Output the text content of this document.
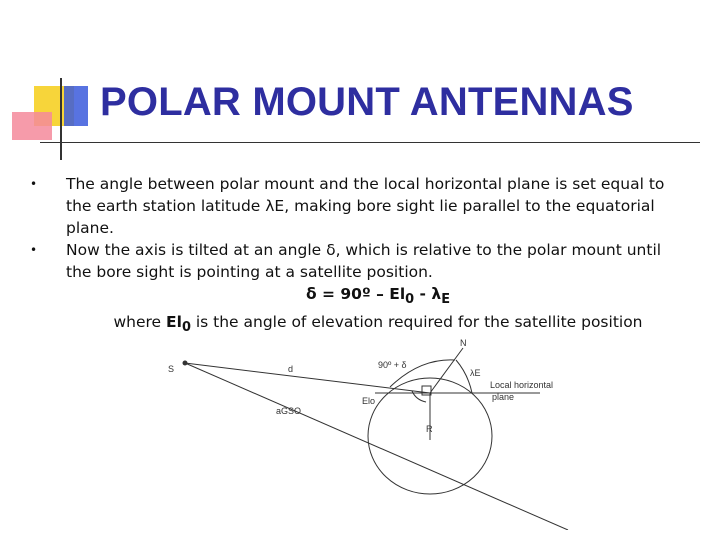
POLAR MOUNT ANTENNAS
• The angle between polar mount and the local horizontal plane is set equal to the earth station latitude λE, making bore sight lie parallel to the equatorial plane.
• Now the axis is tilted at an angle δ, which is relative to the polar mount until the bore sight is pointing at a satellite position.
δ = 90º – $El_0 - \lambda_E$
where $El_0$ is the angle of elevation required for the satellite position
S	d	90º + δ
N
λE
Local horizontal
plane
Elo
R
aGSO
